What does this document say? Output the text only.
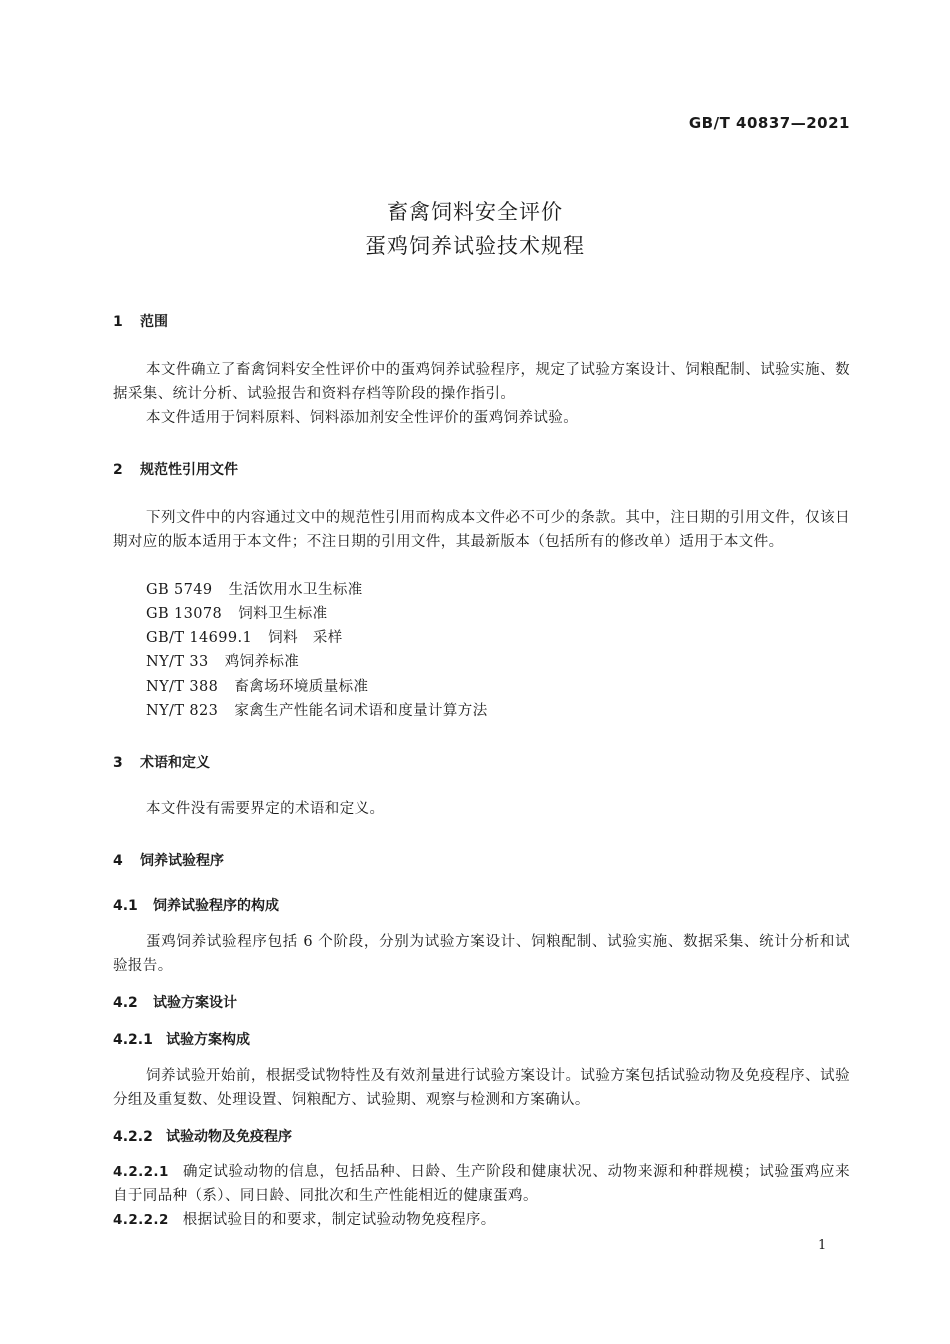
GB/T 40837—2021
畜禽饲料安全评价
蛋鸡饲养试验技术规程
1 范围
本文件确立了畜禽饲料安全性评价中的蛋鸡饲养试验程序，规定了试验方案设计、饲粮配制、试验实施、数据采集、统计分析、试验报告和资料存档等阶段的操作指引。
本文件适用于饲料原料、饲料添加剂安全性评价的蛋鸡饲养试验。
2 规范性引用文件
下列文件中的内容通过文中的规范性引用而构成本文件必不可少的条款。其中，注日期的引用文件，仅该日期对应的版本适用于本文件；不注日期的引用文件，其最新版本（包括所有的修改单）适用于本文件。
GB 5749 生活饮用水卫生标准
GB 13078 饲料卫生标准
GB/T 14699.1 饲料　采样
NY/T 33 鸡饲养标准
NY/T 388 畜禽场环境质量标准
NY/T 823 家禽生产性能名词术语和度量计算方法
3 术语和定义
本文件没有需要界定的术语和定义。
4 饲养试验程序
4.1 饲养试验程序的构成
蛋鸡饲养试验程序包括 6 个阶段，分别为试验方案设计、饲粮配制、试验实施、数据采集、统计分析和试验报告。
4.2 试验方案设计
4.2.1 试验方案构成
饲养试验开始前，根据受试物特性及有效剂量进行试验方案设计。试验方案包括试验动物及免疫程序、试验分组及重复数、处理设置、饲粮配方、试验期、观察与检测和方案确认。
4.2.2 试验动物及免疫程序
4.2.2.1 确定试验动物的信息，包括品种、日龄、生产阶段和健康状况、动物来源和种群规模；试验蛋鸡应来自于同品种（系）、同日龄、同批次和生产性能相近的健康蛋鸡。
4.2.2.2 根据试验目的和要求，制定试验动物免疫程序。
1
